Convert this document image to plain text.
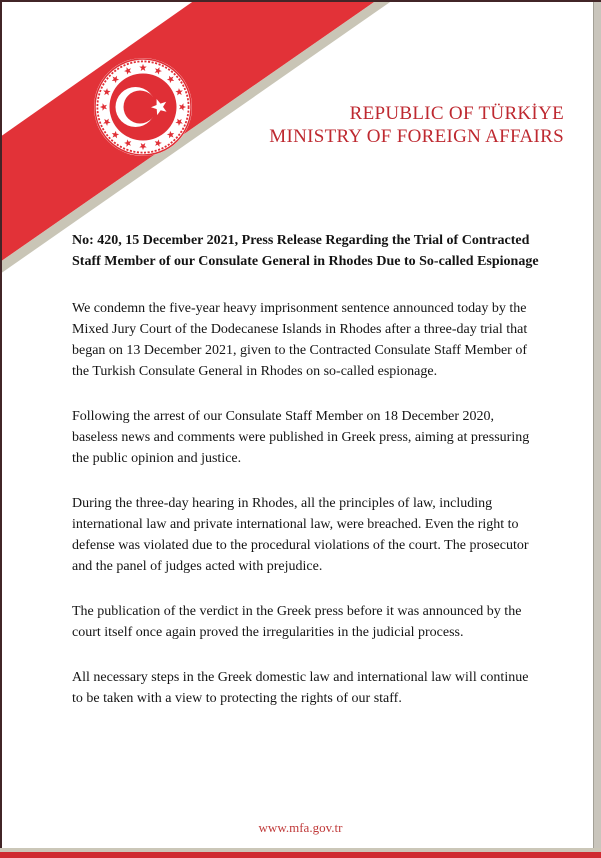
REPUBLIC OF TÜRKİYE
MINISTRY OF FOREIGN AFFAIRS
No: 420, 15 December 2021, Press Release Regarding the Trial of Contracted Staff Member of our Consulate General in Rhodes Due to So-called Espionage

We condemn the five-year heavy imprisonment sentence announced today by the Mixed Jury Court of the Dodecanese Islands in Rhodes after a three-day trial that began on 13 December 2021, given to the Contracted Consulate Staff Member of the Turkish Consulate General in Rhodes on so-called espionage.

Following the arrest of our Consulate Staff Member on 18 December 2020, baseless news and comments were published in Greek press, aiming at pressuring the public opinion and justice.

During the three-day hearing in Rhodes, all the principles of law, including international law and private international law, were breached. Even the right to defense was violated due to the procedural violations of the court. The prosecutor and the panel of judges acted with prejudice.

The publication of the verdict in the Greek press before it was announced by the court itself once again proved the irregularities in the judicial process.

All necessary steps in the Greek domestic law and international law will continue to be taken with a view to protecting the rights of our staff.

www.mfa.gov.tr
